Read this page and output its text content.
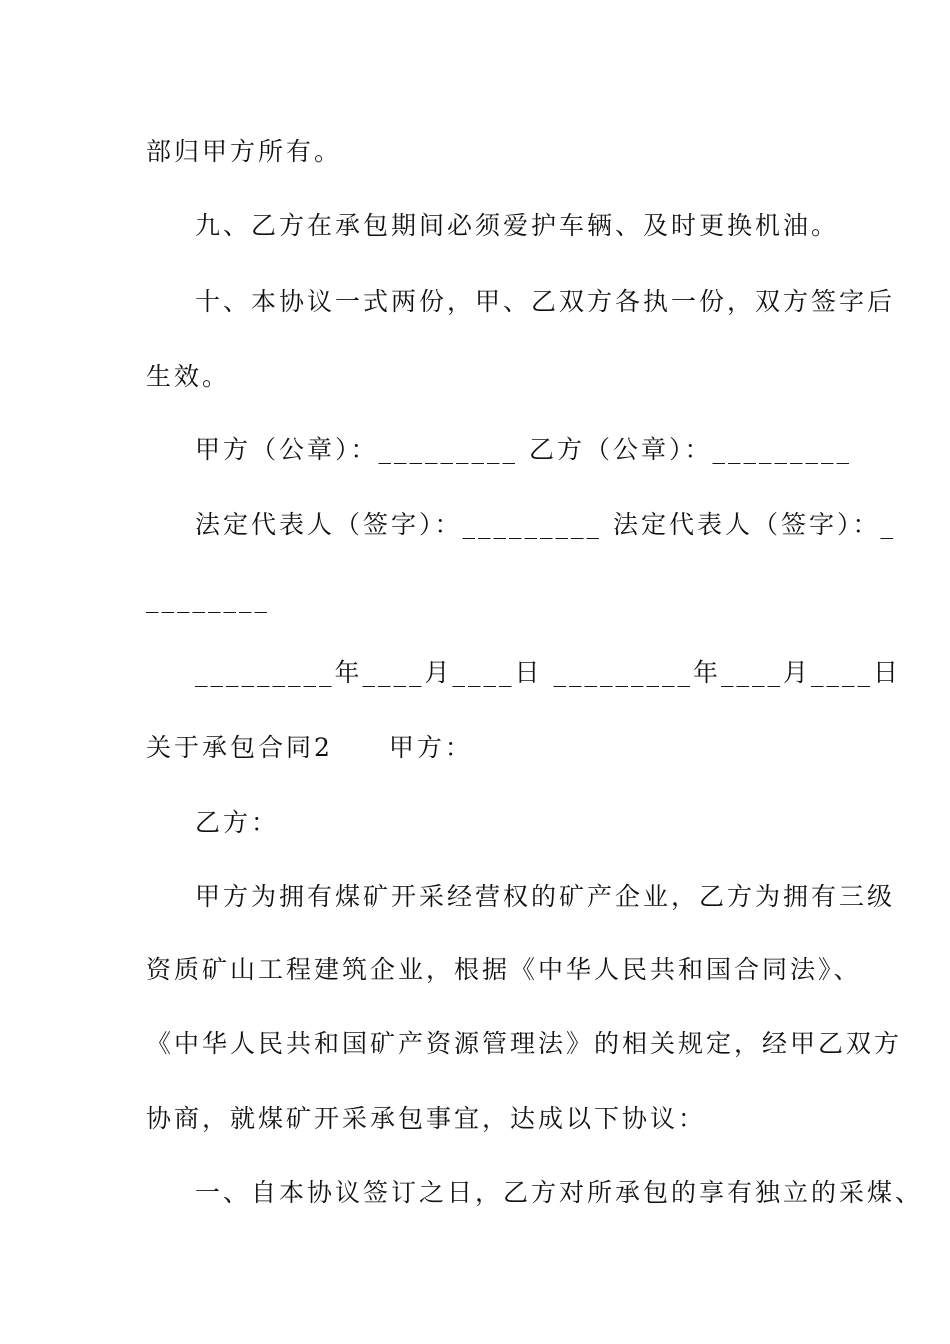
部归甲方所有。
九、乙方在承包期间必须爱护车辆、及时更换机油。
十、本协议一式两份，甲、乙双方各执一份，双方签字后
生效。
甲方（公章）：_________ 乙方（公章）：_________
法定代表人（签字）：_________ 法定代表人（签字）：_
________
_________年____月____日 _________年____月____日
关于承包合同2　　甲方：
乙方：
甲方为拥有煤矿开采经营权的矿产企业，乙方为拥有三级
资质矿山工程建筑企业，根据《中华人民共和国合同法》、
《中华人民共和国矿产资源管理法》的相关规定，经甲乙双方
协商，就煤矿开采承包事宜，达成以下协议：
一、自本协议签订之日，乙方对所承包的享有独立的采煤、
